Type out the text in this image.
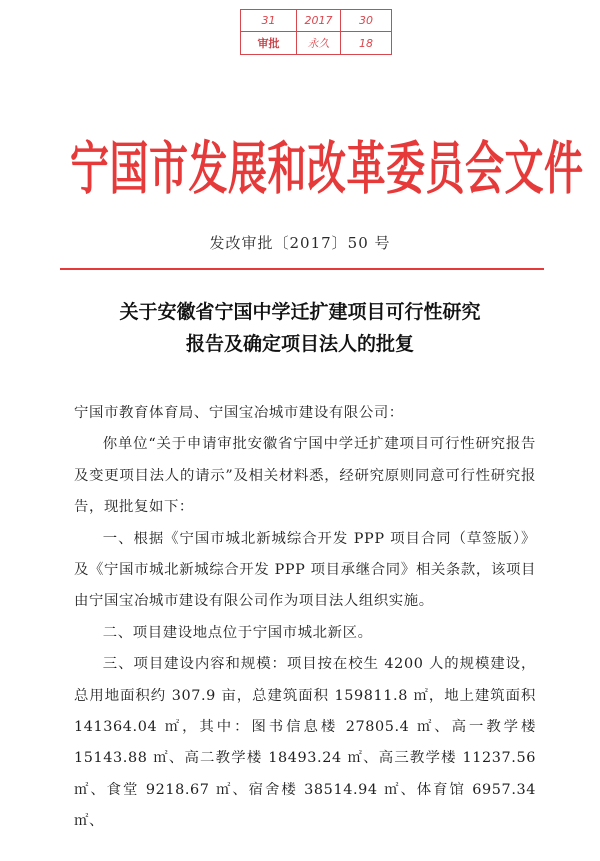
31	2017	30
审批	永久	18
宁国市发展和改革委员会文件
发改审批〔2017〕50 号
关于安徽省宁国中学迁扩建项目可行性研究
报告及确定项目法人的批复

宁国市教育体育局、宁国宝冶城市建设有限公司：

你单位“关于申请审批安徽省宁国中学迁扩建项目可行性研究报告及变更项目法人的请示”及相关材料悉，经研究原则同意可行性研究报告，现批复如下：

一、根据《宁国市城北新城综合开发 PPP 项目合同（草签版）》及《宁国市城北新城综合开发 PPP 项目承继合同》相关条款，该项目由宁国宝冶城市建设有限公司作为项目法人组织实施。

二、项目建设地点位于宁国市城北新区。

三、项目建设内容和规模：项目按在校生 4200 人的规模建设，总用地面积约 307.9 亩，总建筑面积 159811.8 ㎡，地上建筑面积 141364.04 ㎡，其中：图书信息楼 27805.4 ㎡、高一教学楼 15143.88 ㎡、高二教学楼 18493.24 ㎡、高三教学楼 11237.56 ㎡、食堂 9218.67 ㎡、宿舍楼 38514.94 ㎡、体育馆 6957.34 ㎡、
